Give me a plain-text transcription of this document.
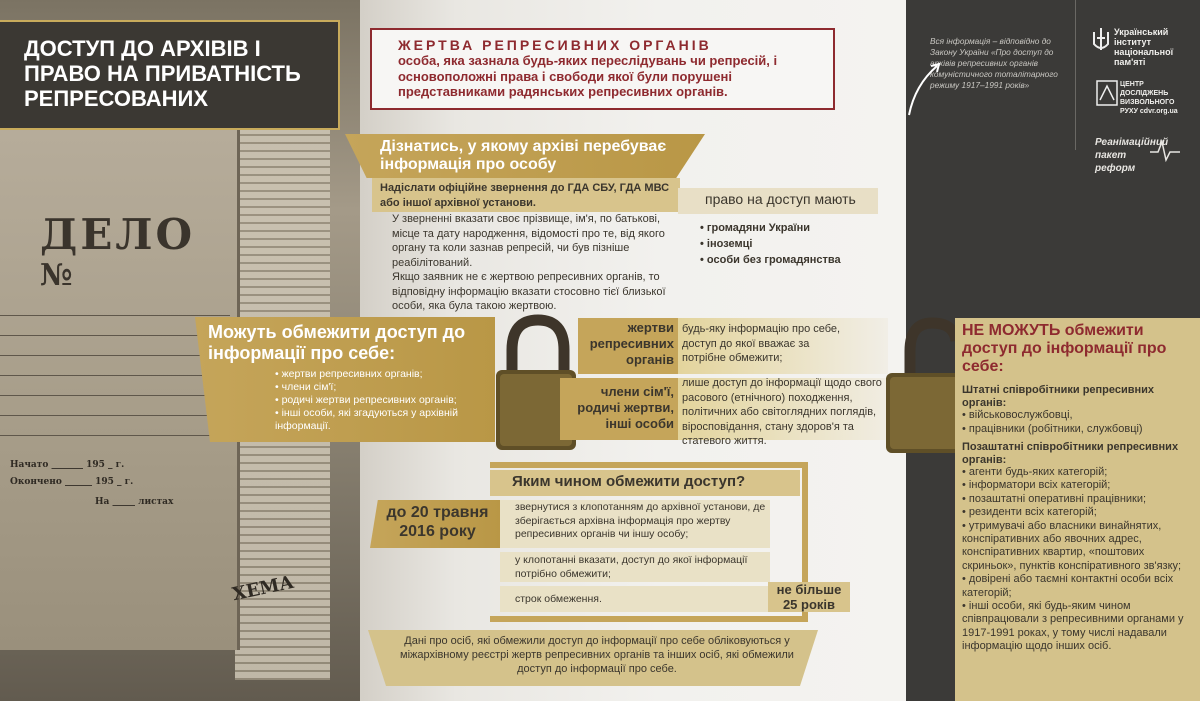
ДЕЛО
№
Начато _______ 195 _ г.
Окончено ______ 195 _ г.
На _____ листах
ХЕМА
ДОСТУП ДО АРХІВІВ І ПРАВО НА ПРИВАТНІСТЬ РЕПРЕСОВАНИХ
Вся інформація – відповідно до Закону України «Про доступ до архівів репресивних органів комуністичного тоталітарного режиму 1917–1991 років»
Український інститут національної пам'яті
ЦЕНТР ДОСЛІДЖЕНЬ ВИЗВОЛЬНОГО РУХУ cdvr.org.ua
Реанімаційний пакет реформ
ЖЕРТВА РЕПРЕСИВНИХ ОРГАНІВ
особа, яка зазнала будь-яких переслідувань чи репресій, і основоположні права і свободи якої були порушені представниками радянських репресивних органів.
Дізнатись, у якому архіві перебуває інформація про особу
Надіслати офіційне звернення до ГДА СБУ, ГДА МВС або іншої архівної установи.
У зверненні вказати своє прізвище, ім'я, по батькові, місце та дату народження, відомості про те, від якого органу та коли зазнав репресій, чи був пізніше реабілітований.
Якщо заявник не є жертвою репресивних органів, то відповідну інформацію вказати стосовно тієї близької особи, яка була такою жертвою.
право на доступ мають
• громадяни України
• іноземці
• особи без громадянства
Можуть обмежити доступ до інформації про себе:
• жертви репресивних органів;
• члени сім'ї;
• родичі жертви репресивних органів;
• інші особи, які згадуються у архівній інформації.
жертви репресивних органів
будь-яку інформацію про себе, доступ до якої вважає за потрібне обмежити;
члени сім'ї, родичі жертви, інші особи
лише доступ до інформації щодо свого расового (етнічного) походження, політичних або світоглядних поглядів, віросповідання, стану здоров'я та статевого життя.
НЕ МОЖУТЬ обмежити доступ до інформації про себе:
Штатні співробітники репресивних органів:
• військовослужбовці,
• працівники (робітники, службовці)
Позаштатні співробітники репресивних органів:
• агенти будь-яких категорій;
• інформатори всіх категорій;
• позаштатні оперативні працівники;
• резиденти всіх категорій;
• утримувачі або власники винайнятих, конспіративних або явочних адрес, конспіративних квартир, «поштових скриньок», пунктів конспіративного зв'язку;
• довірені або таємні контактні особи всіх категорій;
• інші особи, які будь-яким чином співпрацювали з репресивними органами у 1917-1991 роках, у тому числі надавали інформацію щодо інших осіб.
Яким чином обмежити доступ?
до 20 травня 2016 року
звернутися з клопотанням до архівної установи, де зберігається архівна інформація про жертву репресивних органів чи іншу особу;
у клопотанні вказати, доступ до якої інформації потрібно обмежити;
строк обмеження.
не більше 25 років
Дані про осіб, які обмежили доступ до інформації про себе обліковуються у міжархівному реєстрі жертв репресивних органів та інших осіб, які обмежили доступ до інформації про себе.
